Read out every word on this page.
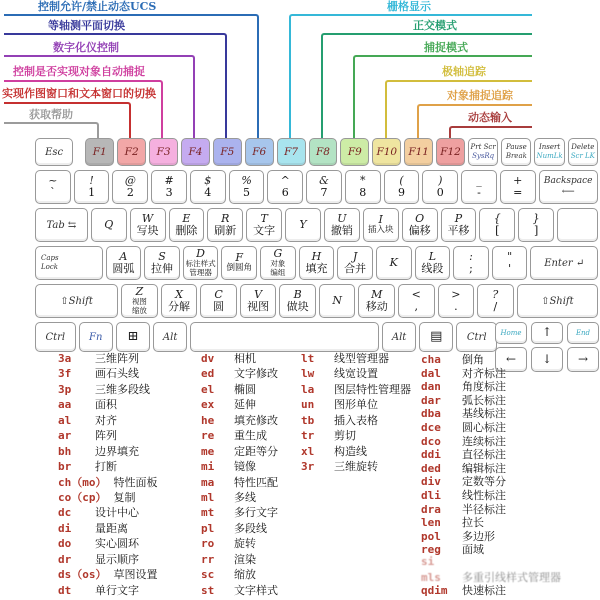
控制允许/禁止动态UCS
等轴测平面切换
数字化仪控制
控制是否实现对象自动捕捉
实现作图窗口和文本窗口的切换
获取帮助
栅格显示
正交模式
捕捉模式
极轴追踪
对象捕捉追踪
动态输入
Esc	F1 F2 F3 F4 F5 F6 F7 F8 F9 F10 F11 F12 Prt Scr
SysRq
Pause
Break
Insert
NumLk
Delete
Scr LK
~
`
!
1
@
2
#
3
$
4
%
5
^
6
&
7
*
8
(
9
)
0
_
-
+
=
Backspace
⟵
Tab ⇆	Q	W
写块
E
删除
R
刷新
T
文字 Y	U
撤销
I
插入块
O
偏移
P
平移
{
[
}
]
Caps
Lock
A
圆弧
S
拉伸
D
标注样式
管理器
F
倒圆角
G
对象
编组
H
填充
J
合并 K	L
线段
:
;
"
'	Enter ↵
⇧Shift
Z
视图
缩放
X
分解
C
圆
V
视图
B
做块 N	M
移动
<
,
>
.
?
/	⇧Shift
Ctrl Fn ⊞ Alt	Alt ▤ Ctrl Home ↑	End
← ↓ →
3a	三维阵列
3f	画石头线
3p	三维多段线
aa	面积
al	对齐
ar	阵列
bh	边界填充
br	打断
ch（mo） 特性面板
co（cp） 复制
dc	设计中心
di	量距离
do	实心圆环
dr	显示顺序
ds（os） 草图设置
dt	单行文字
dv	相机
ed	文字修改
el	椭圆
ex	延伸
he	填充修改
re	重生成
me	定距等分
mi	镜像
ma	特性匹配
ml	多线
mt	多行文字
pl	多段线
ro	旋转
rr	渲染
sc	缩放
st	文字样式
lt	线型管理器
lw	线宽设置
la	图层特性管理器
un	图形单位
tb	插入表格
tr	剪切
xl	构造线
3r	三维旋转
cha	倒角
dal	对齐标注
dan	角度标注
dar	弧长标注
dba	基线标注
dce	圆心标注
dco	连续标注
ddi	直径标注
ded	编辑标注
div	定数等分
dli	线性标注
dra	半径标注
len	拉长
pol	多边形
reg	面域
si
mls	多重引线样式管理器
qdim	快速标注
